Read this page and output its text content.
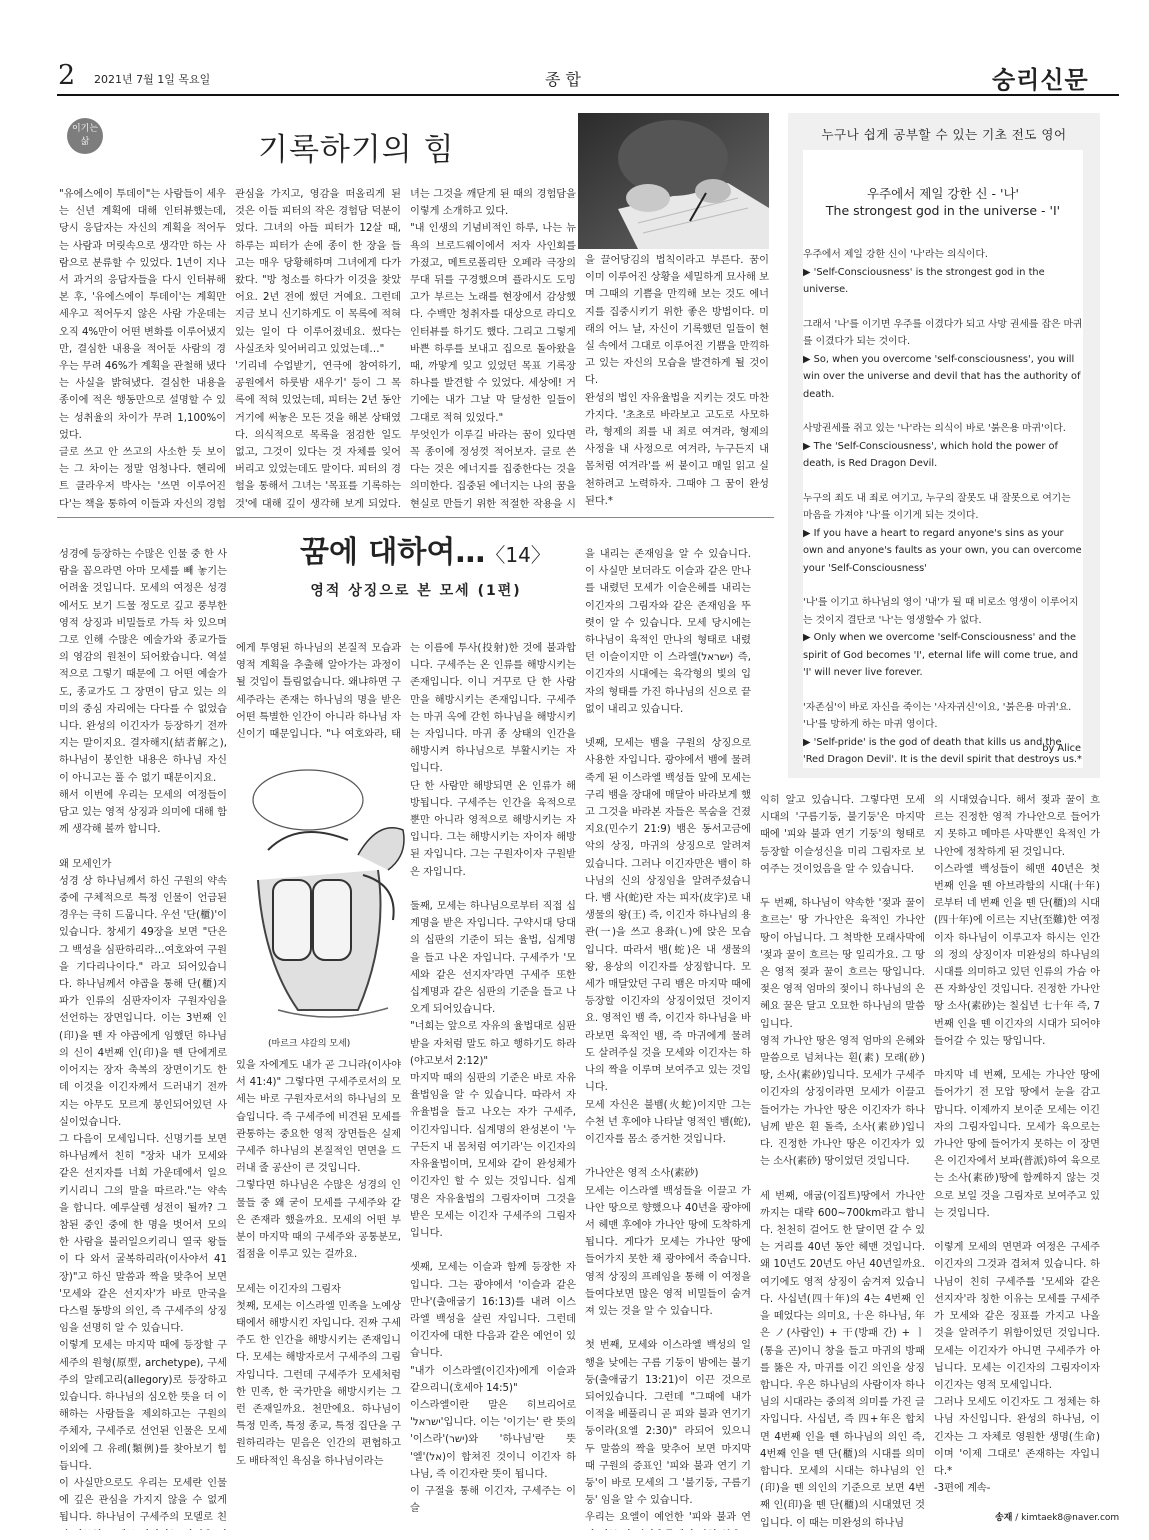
2 2021년 7월 1일 목요일	종 합	숭리신문
이기는
삶	기록하기의 힘
"유에스에이 투데이"는 사람들이 세우는 신년 계획에 대해 인터뷰했는데, 당시 응답자는 자신의 계획을 적어두는 사람과 머릿속으로 생각만 하는 사람으로 분류할 수 있었다. 1년이 지나서 과거의 응답자들을 다시 인터뷰해본 후, '유에스에이 투데이'는 계획만 세우고 적어두지 않은 사람 가운데는 오직 4%만이 어떤 변화를 이루어냈지만, 결심한 내용을 적어둔 사람의 경우는 무려 46%가 계획을 관철해 냈다는 사실을 밝혀냈다. 결심한 내용을 종이에 적은 행동만으로 설명할 수 있는 성취율의 차이가 무려 1,100%이었다.
글로 쓰고 안 쓰고의 사소한 듯 보이는 그 차이는 정말 엄청나다. 헨리에트 클라우저 박사는 '쓰면 이루어진다'는 책을 통하여 이들과 자신의 경험
관심을 가지고, 영감을 떠올리게 된 것은 이들 피터의 작은 경험담 덕분이었다. 그녀의 아들 피터가 12살 때, 하루는 피터가 손에 종이 한 장을 들고는 매우 당황해하며 그녀에게 다가왔다. "방 청소를 하다가 이것을 찾았어요. 2년 전에 썼던 거예요. 그런데 지금 보니 신기하게도 이 목록에 적혀 있는 일이 다 이루어졌네요. 썼다는 사실조차 잊어버리고 있었는데…"
'기리네 수업받기, 연극에 참여하기, 공원에서 하룻밤 새우기' 등이 그 목록에 적혀 있었는데, 피터는 2년 동안 거기에 써놓은 모든 것을 해본 상태였다. 의식적으로 목록을 점검한 일도 없고, 그것이 있다는 것 자체를 잊어버리고 있었는데도 말이다. 피터의 경험을 통해서 그녀는 '목표를 기록하는 것'에 대해 깊이 생각해 보게 되었다.
녀는 그것을 깨닫게 된 때의 경험담을 이렇게 소개하고 있다.
"내 인생의 기념비적인 하루, 나는 뉴욕의 브로드웨이에서 저자 사인회를 가졌고, 메트로폴리탄 오페라 극장의 무대 뒤를 구경했으며 플라시도 도밍고가 부르는 노래를 현장에서 감상했다. 수백만 청취자를 대상으로 라디오 인터뷰를 하기도 했다. 그리고 그렇게 바쁜 하루를 보내고 집으로 돌아왔을 때, 까맣게 잊고 있었던 목표 기록장 하나를 발견할 수 있었다. 세상에! 거기에는 내가 그날 막 달성한 일들이 그대로 적혀 있었다."
무엇인가 이루길 바라는 꿈이 있다면 꼭 종이에 정성껏 적어보자. 글로 쓴다는 것은 에너지를 집중한다는 것을 의미한다. 집중된 에너지는 나의 꿈을 현실로 만들기 위한 적절한 작용을 시
을 끌어당김의 법칙이라고 부른다. 꿈이 이미 이루어진 상황을 세밀하게 묘사해 보며 그때의 기쁨을 만끽해 보는 것도 에너지를 집중시키기 위한 좋은 방법이다. 미래의 어느 날, 자신이 기록했던 일들이 현실 속에서 그대로 이루어진 기쁨을 만끽하고 있는 자신의 모습을 발견하게 될 것이다.
완성의 법인 자유율법을 지키는 것도 마찬가지다. '초초로 바라보고 고도로 사모하라, 형제의 죄를 내 죄로 여겨라, 형제의 사정을 내 사정으로 여겨라, 누구든지 내 몸처럼 여겨라'를 써 붙이고 매일 읽고 실천하려고 노력하자. 그때야 그 꿈이 완성된다.*
누구나 쉽게 공부할 수 있는 기초 전도 영어
우주에서 제일 강한 신 - '나'
The strongest god in the universe - 'I'
우주에서 제일 강한 신이 '나'라는 의식이다.
▶ 'Self-Consciousness' is the strongest god in the universe.
그래서 '나'를 이기면 우주를 이겼다가 되고 사망 권세를 잡은 마귀를 이겼다가 되는 것이다.
▶ So, when you overcome 'self-consciousness', you will win over the universe and devil that has the authority of death.
사망권세를 쥐고 있는 '나'라는 의식이 바로 '붉은용 마귀'이다.
▶ The 'Self-Consciousness', which hold the power of death, is Red Dragon Devil.
누구의 죄도 내 죄로 여기고, 누구의 잘못도 내 잘못으로 여기는 마음을 가져야 '나'를 이기게 되는 것이다.
▶ If you have a heart to regard anyone's sins as your own and anyone's faults as your own, you can overcome your 'Self-Consciousness'
'나'를 이기고 하나님의 영이 '내'가 될 때 비로소 영생이 이루어지는 것이지 결단코 '나'는 영생할수 가 없다.
▶ Only when we overcome 'self-Consciousness' and the spirit of God becomes 'I', eternal life will come true, and 'I' will never live forever.
'자존심'이 바로 자신을 죽이는 '사자귀신'이요, '붉은용 마귀'요. '나'를 망하게 하는 마귀 영이다.
▶ 'Self-pride' is the god of death that kills us and the 'Red Dragon Devil'. It is the devil spirit that destroys us.*
by Alice
꿈에 대하여…〈14〉
영적 상징으로 본 모세 (1편)
성경에 등장하는 수많은 인물 중 한 사람을 꼽으라면 아마 모세를 빼 놓기는 어려울 것입니다. 모세의 여정은 성경에서도 보기 드물 정도로 깊고 풍부한 영적 상징과 비밀들로 가득 차 있으며 그로 인해 수많은 예술가와 종교가들의 영감의 원천이 되어왔습니다. 역설적으로 그렇기 때문에 그 어떤 예술가도, 종교가도 그 장면이 담고 있는 의미의 중심 자리에는 다다를 수 없었습니다. 완성의 이긴자가 등장하기 전까지는 말이지요. 결자해지(結者解之), 하나님이 봉인한 내용은 하나님 자신이 아니고는 풀 수 없기 때문이지요.
해서 이번에 우리는 모세의 여정들이 담고 있는 영적 상징과 의미에 대해 함께 생각해 볼까 합니다.

왜 모세인가
성경 상 하나님께서 하신 구원의 약속 중에 구체적으로 특정 인물이 언급된 경우는 극히 드뭅니다. 우선 '단(櫃)'이 있습니다. 창세기 49장을 보면 "단은 그 백성을 심판하리라…여호와여 구원을 기다리나이다." 라고 되어있습니다. 하나님께서 야곱을 통해 단(櫃)지파가 인류의 심판자이자 구원자임을 선언하는 장면입니다. 이는 3번째 인(印)을 뗀 자 야곱에게 임했던 하나님의 신이 4번째 인(印)을 뗀 단에게로 이어지는 장자 축복의 장면이기도 한데 이것을 이긴자께서 드러내기 전까지는 아무도 모르게 봉인되어있던 사실이었습니다.
그 다음이 모세입니다. 신명기를 보면 하나님께서 친히 "장차 내가 모세와 같은 선지자를 너희 가운데에서 일으키시리니 그의 말을 따르라."는 약속을 합니다. 예루살렘 성전이 될까? 그 참된 중인 중에 한 명을 벗어서 모의 한 사람을 불러일으키리니 열국 왕들이 다 와서 굴복하리라(이사야서 41장)"고 하신 말씀과 짝을 맞추어 보면 '모세와 같은 선지자'가 바로 만국을 다스릴 동방의 의인, 즉 구세주의 상징임을 선명히 알 수 있습니다.
이렇게 모세는 마지막 때에 등장할 구세주의 원형(原型, archetype), 구세주의 알레고리(allegory)로 등장하고 있습니다. 하나님의 심오한 뜻을 더 이해하는 사람들을 제외하고는 구원의 주체자, 구세주로 선언된 인물은 모세 이외에 그 유례(類例)를 찾아보기 힘듭니다.
이 사실만으로도 우리는 모세란 인물에 깊은 관심을 가지지 않을 수 없게 됩니다. 하나님이 구세주의 모델로 친
에게 투영된 하나님의 본질적 모습과 영적 계획을 추출해 알아가는 과정이 될 것입이 틀림없습니다. 왜냐하면 구세주라는 존재는 하나님의 명을 받은 어떤 특별한 인간이 아니라 하나님 자신이기 때문입니다. "나 여호와라, 태
(마르크 샤갈의 모세)
있을 자에게도 내가 곧 그니라(이사야서 41:4)" 그렇다면 구세주로서의 모세는 바로 구원자로서의 하나님의 모습입니다. 즉 구세주에 비견된 모세를 관통하는 중요한 영적 장면들은 실제 구세주 하나님의 본질적인 면면을 드러내 줄 공산이 큰 것입니다.
그렇다면 하나님은 수많은 성경의 인물들 중 왜 굳이 모세를 구세주와 같은 존재라 했을까요. 모세의 어떤 부분이 마지막 때의 구세주와 공통분모, 접점을 이루고 있는 걸까요.

모세는 이긴자의 그림자
첫째, 모세는 이스라엘 민족을 노예상태에서 해방시킨 자입니다. 진짜 구세주도 한 인간을 해방시키는 존재입니다. 모세는 해방자로서 구세주의 그림자입니다. 그런데 구세주가 모세처럼 한 민족, 한 국가만을 해방시키는 그런 존재일까요. 천만에요. 하나님이 특정 민족, 특정 종교, 특정 집단을 구원하리라는 믿음은 인간의 편협하고도 배타적인 욕심을 하나님이라는
는 이름에 투사(投射)한 것에 불과합니다. 구세주는 온 인류를 해방시키는 존재입니다. 이니 거꾸로 단 한 사람만을 해방시키는 존재입니다. 구세주는 마귀 옥에 갇힌 하나님을 해방시키는 자입니다. 마귀 종 상태의 인간을 해방시켜 하나님으로 부활시키는 자입니다.
단 한 사람만 해방되면 온 인류가 해방됩니다. 구세주는 인간을 육적으로 뿐만 아니라 영적으로 해방시키는 자입니다. 그는 해방시키는 자이자 해방된 자입니다. 그는 구원자이자 구원받은 자입니다.

둘째, 모세는 하나님으로부터 직접 십계명을 받은 자입니다. 구약시대 당대의 십판의 기준이 되는 율법, 십계명을 들고 나온 자입니다. 구세주가 '모세와 같은 선지자'라면 구세주 또한 십계명과 같은 심판의 기준을 들고 나오게 되어있습니다.
"너희는 앞으로 자유의 율법대로 심판받을 자처럼 말도 하고 행하기도 하라(야고보서 2:12)"
마지막 때의 심판의 기준은 바로 자유율법임을 알 수 있습니다. 따라서 자유율법을 들고 나오는 자가 구세주, 이긴자입니다. 십계명의 완성본이 '누구든지 내 몸처럼 여기라'는 이긴자의 자유율법이며, 모세와 같이 완성체가 이긴자인 할 수 있는 것입니다. 십계명은 자유율법의 그림자이며 그것을 받은 모세는 이긴자 구세주의 그림자입니다.

셋째, 모세는 이슬과 함께 등장한 자입니다. 그는 광야에서 '이슬과 같은 만나'(출애굽기 16:13)를 내려 이스라엘 백성을 살린 자입니다. 그런데 이긴자에 대한 다음과 같은 예언이 있습니다.
"내가 이스라엘(이긴자)에게 이슬과 같으리니(호세아 14:5)"
이스라엘이란 말은 히브리어로 'ישראל'입니다. 이는 '이기는' 란 뜻의 '이스라'(ישר)와 '하나님'란 뜻 '엘'(אל)이 합쳐진 것이니 이긴자 하나님, 즉 이긴자란 뜻이 됩니다.
이 구절을 통해 이긴자, 구세주는 이슬
을 내리는 존재임을 알 수 있습니다. 이 사실만 보더라도 이슬과 같은 만나를 내렸던 모세가 이슬은혜를 내리는 이긴자의 그림자와 같은 존재임을 뚜렷이 알 수 있습니다. 모세 당시에는 하나님이 육적인 만나의 형태로 내렸던 이슬이지만 이 스라엘(ישראל) 즉, 이긴자의 시대에는 육각형의 빛의 입자의 형태를 가진 하나님의 신으로 끝없이 내리고 있습니다.

넷째, 모세는 뱀을 구원의 상징으로 사용한 자입니다. 광야에서 뱀에 물려 죽게 된 이스라엘 백성들 앞에 모세는 구리 뱀을 장대에 매달아 바라보게 했고 그것을 바라본 자들은 목숨을 건졌지요(민수기 21:9) 뱀은 동서고금에 악의 상징, 마귀의 상징으로 알려져 있습니다. 그러나 이긴자만은 뱀이 하나님의 신의 상징임을 알려주셨습니다. 뱀 사(蛇)란 자는 피자(皮字)로 내 생물의 왕(王) 즉, 이긴자 하나님의 용관(一)을 쓰고 용좌(ㄴ)에 앉은 모습입니다. 따라서 뱀(蛇)은 내 생물의 왕, 용상의 이긴자를 상징합니다. 모세가 매달았던 구리 뱀은 마지막 때에 등장할 이긴자의 상징이었던 것이지요. 영적인 뱀 즉, 이긴자 하나님을 바라보면 육적인 뱀, 즉 마귀에게 물려도 살려주실 것을 모세와 이긴자는 하나의 짝을 이루며 보여주고 있는 것입니다.
모세 자신은 불뱀(火蛇)이지만 그는 수천 년 후에야 나타날 영적인 뱀(蛇), 이긴자를 몸소 증거한 것입니다.

가나안은 영적 소사(素砂)
모세는 이스라엘 백성들을 이끌고 가나안 땅으로 향했으나 40년을 광야에서 헤맨 후에야 가나안 땅에 도착하게 됩니다. 게다가 모세는 가나안 땅에 들어가지 못한 채 광야에서 죽습니다. 영적 상징의 프레임을 통해 이 여정을 들여다보면 많은 영적 비밀들이 숨겨져 있는 것을 알 수 있습니다.

첫 번째, 모세와 이스라엘 백성의 일행을 낮에는 구름 기둥이 밤에는 불기둥(출애굽기 13:21)이 이끈 것으로 되어있습니다. 그런데 "그때에 내가 이적을 베풀리니 곧 피와 불과 연기기둥이라(요엘 2:30)" 라되어 있으니 두 말씀의 짝을 맞추어 보면 마지막 때 구원의 증표인 '피와 불과 연기 기둥'이 바로 모세의 그 '불기둥, 구름기둥' 임을 알 수 있습니다.
우리는 요엘이 예언한 '피와 불과 연
익히 알고 있습니다. 그렇다면 모세 시대의 '구름기둥, 불기둥'은 마지막 때에 '피와 불과 연기 기둥'의 형태로 등장할 이슬성신을 미리 그림자로 보여주는 것이었음을 알 수 있습니다.

두 번째, 하나님이 약속한 '젖과 꿀이 흐르는' 땅 가나안은 육적인 가나안 땅이 아닙니다. 그 척박한 모래사막에 '젖과 꿀이 흐르는 땅 일리가요. 그 땅은 영적 젖과 꿀이 흐르는 땅입니다. 젖은 영적 엄마의 젖이니 하나님의 은혜요 꿀은 달고 오묘한 하나님의 말씀입니다.
영적 가나안 땅은 영적 엄마의 은혜와 말씀으로 넘쳐나는 흰(素) 모래(砂) 땅, 소사(素砂)입니다. 모세가 구세주 이긴자의 상징이라면 모세가 이끌고 들어가는 가나안 땅은 이긴자가 하나님께 받은 흰 돌즉, 소사(素砂)입니다. 진정한 가나안 땅은 이긴자가 있는 소사(素砂) 땅이었던 것입니다.

세 번째, 애굽(이집트)땅에서 가나안까지는 대략 600~700km라고 합니다. 천천히 걸어도 한 달이면 갈 수 있는 거리를 40년 동안 헤맨 것입니다. 왜 10년도 20년도 아닌 40년일까요. 여기에도 영적 상징이 숨겨져 있습니다. 사십년(四十年)의 4는 4번째 인을 떼었다는 의미요, 十은 하나님, 年은 ノ(사람인) + 干(방패 간) + ㅣ(통을 곤)이니 창을 들고 마귀의 방패를 뚫은 자, 마귀를 이긴 의인을 상징합니다. 우은 하나님의 사람이자 하나님의 시대라는 중의적 의미를 가진 글자입니다. 사십년, 즉 四+年은 합치면 4번째 인을 뗀 하나님의 의인 즉, 4번째 인을 뗀 단(櫃)의 시대를 의미합니다. 모세의 시대는 하나님의 인(印)을 뗀 의인의 기준으로 보면 4번째 인(印)을 뗀 단(櫃)의 시대였던 것입니다. 이 때는 미완성의 하나님
의 시대였습니다. 해서 젖과 꿀이 흐르는 진정한 영적 가나안으로 들어가지 못하고 메마른 사막뿐인 육적인 가나안에 정착하게 된 것입니다.
이스라엘 백성들이 헤맨 40년은 첫 번째 인을 뗀 아브라함의 시대(十年)로부터 네 번째 인을 뗀 단(櫃)의 시대(四十年)에 이르는 지난(至難)한 여정이자 하나님이 이루고자 하시는 인간의 정의 상징이자 미완성의 하나님의 시대를 의미하고 있던 인류의 가슴 아픈 자화상인 것입니다. 진정한 가나안 땅 소사(素砂)는 칠십년 七十年 즉, 7번째 인을 뗀 이긴자의 시대가 되어야 들어갈 수 있는 땅입니다.

마지막 네 번째, 모세는 가나안 땅에 들어가기 전 모압 땅에서 눈을 감고 맙니다. 이제까지 보이준 모세는 이긴자의 그림자입니다. 모세가 육으로는 가나안 땅에 들어가지 못하는 이 장면은 이긴자에서 보파(普派)하여 육으로는 소사(素砂)땅에 함께하지 않는 것으로 보일 것을 그림자로 보여주고 있는 것입니다.

이렇게 모세의 면면과 여정은 구세주 이긴자의 그것과 겹쳐져 있습니다. 하나님이 친히 구세주를 '모세와 같은 선지자'라 칭한 이유는 모세를 구세주가 모세와 같은 징표를 가지고 나올 것을 알려주기 위함이었던 것입니다. 모세는 이긴자가 아니면 구세주가 아닙니다. 모세는 이긴자의 그림자이자 이긴자는 영적 모세입니다.
그러나 모세도 이긴자도 그 정체는 하나님 자신입니다. 완성의 하나님, 이긴자는 그 자체로 영원한 생명(生命)이며 '이제 그대로' 존재하는 자입니다.*
-3편에 계속-
송재 / kimtaek8@naver.com
